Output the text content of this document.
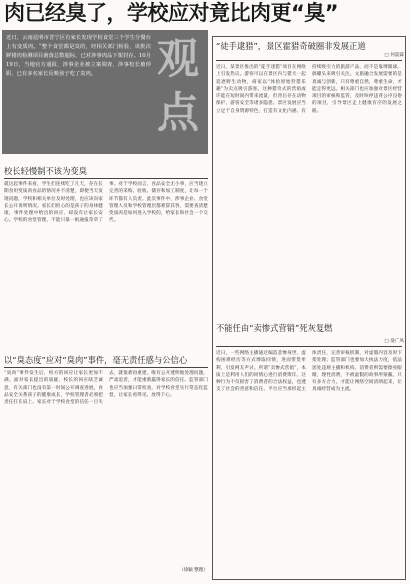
肉已经臭了，学校应对竟比肉更“臭”
近日，云南昆明市晋宁区有家长发现学校食堂三个学生分餐台上有变质肉。“整个食堂都是臭的，经相关部门检验，该批次鲜猪肉检测项目菌落总数超标，已对涉事肉品下架封存。10月19日，当地官方通报，涉事企业被立案调查，涉事校长被停职，已有多名家长反映孩子吃了臭肉。	观点
校长轻慢制不该为变臭
就这起事件来看，学生们连续吃了几天，存在长期食用变质肉食品的情况并不清楚，即便当天发现问题，学校和相关单位及时处理，也应该向家长公开说明情况。家长们担心的是孩子的身体健康，事件处理中给出的回应，却没有让家长安心。学校的食堂管理，不能只靠一纸通报草草了事。对于学校而言，食品安全无小事，应当建立完善的采购、验收、储存和加工制度，让每一个环节都有人负责。此次事件中，涉事企业、食堂管理人员和学校管理层都难辞其咎，需要查清楚变质肉是如何进入学校的，给家长和社会一个交代。
以“臭态度”应对“臭肉”事件，毫无责任感与公信心
“臭肉”事件发生后，校方的回应让家长更加不满。面对家长提出的质疑，校长的回应缺乏诚意，有关部门也没有第一时间公开调查进展。食品安全关系孩子的健康成长，学校管理者必须把责任扛在肩上。家长对于学校食堂的信任一旦失去，就很难再重建。唯有公开透明地处理问题，严肃追责，才能重新赢得家长的信任。监管部门也应当加强日常检查，对学校食堂实行常态化监督，让家长看得见、放得下心。
（徐颖 整理）
“徒手逮猎”，景区霍猎奇破圈非发展正道
□ 何震霖
近日，某景区推出的“徒手逮猎”项目在网络上引发热议。游客可以在景区内与猎犬一起追逐野生动物，商家以“体验原始狩猎乐趣”为卖点吸引游客。这种猎奇式的营销或许能在短时间内带来流量，但背后存在动物保护、游客安全等诸多隐患。景区发展应当立足于自身资源特色，打造有文化内涵、有持续吸引力的旅游产品，而不是靠博眼球、搞噱头来吸引关注。文旅融合发展需要的是真诚与创新，只有尊重自然、尊重生命，才能走得更远。相关部门也应加强对景区经营项目的审核和监管，及时叫停违背公序良俗的项目，引导景区走上健康有序的发展之路。
不能任由“卖惨式营销”死灰复燃
□ 晏广凤
近日，一些网络主播通过编造悲惨身世、虚构困难经历等方式博取同情，进而带货牟利，引发网友声讨。所谓“卖惨式营销”，本质上是利用人们的同情心进行消费欺诈。这种行为不仅损害了消费者的合法权益，也透支了社会的善意和信任。平台应当承担起主体责任，完善审核机制，对虚假内容及时下架处理；监管部门也要加大执法力度，依法惩处违规主播和机构。消费者则需要擦亮眼睛，理性消费，不被虚假的故事所蒙蔽。只有多方合力，才能让网络空间清朗起来，让真诚经营成为主流。
